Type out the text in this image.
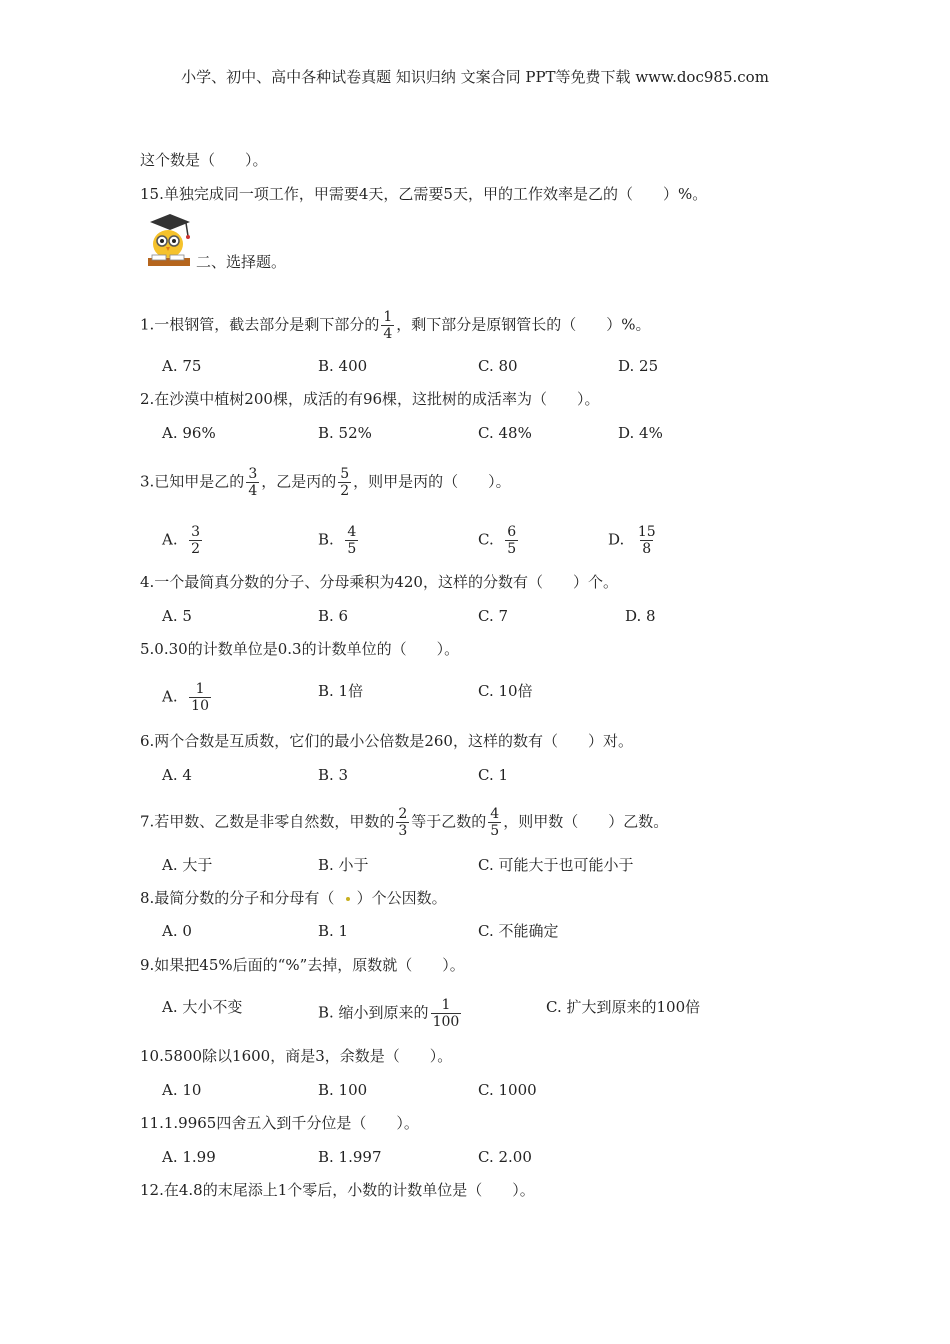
小学、初中、高中各种试卷真题 知识归纳 文案合同 PPT等免费下载 www.doc985.com
这个数是（　　）。
15.单独完成同一项工作，甲需要4天，乙需要5天，甲的工作效率是乙的（　　）%。
二、选择题。
1.一根钢管，截去部分是剩下部分的 $\frac{1}{4}$ ，剩下部分是原钢管长的（　　）%。
A. 75	B. 400	C. 80	D. 25
2.在沙漠中植树200棵，成活的有96棵，这批树的成活率为（　　）。
A. 96%	B. 52%	C. 48%	D. 4%
3.已知甲是乙的 $\frac{3}{4}$ ，乙是丙的 $\frac{5}{2}$ ，则甲是丙的（　　）。
A. $\frac{3}{2}$	B. $\frac{4}{5}$	C. $\frac{6}{5}$	D. $\frac{15}{8}$
4.一个最简真分数的分子、分母乘积为420，这样的分数有（　　）个。
A. 5	B. 6	C. 7	D. 8
5.0.30的计数单位是0.3的计数单位的（　　）。
A. $\frac{1}{10}$	B. 1倍	C. 10倍
6.两个合数是互质数，它们的最小公倍数是260，这样的数有（　　）对。
A. 4	B. 3	C. 1
7.若甲数、乙数是非零自然数，甲数的 $\frac{2}{3}$ 等于乙数的 $\frac{4}{5}$ ，则甲数（　　）乙数。
A. 大于	B. 小于	C. 可能大于也可能小于
8.最简分数的分子和分母有（ ）个公因数。
A. 0	B. 1	C. 不能确定
9.如果把45%后面的“%”去掉，原数就（　　）。
A. 大小不变	B. 缩小到原来的 $\frac{1}{100}$	C. 扩大到原来的100倍
10.5800除以1600，商是3，余数是（　　）。
A. 10	B. 100	C. 1000
11.1.9965四舍五入到千分位是（　　）。
A. 1.99	B. 1.997	C. 2.00
12.在4.8的末尾添上1个零后，小数的计数单位是（　　）。
